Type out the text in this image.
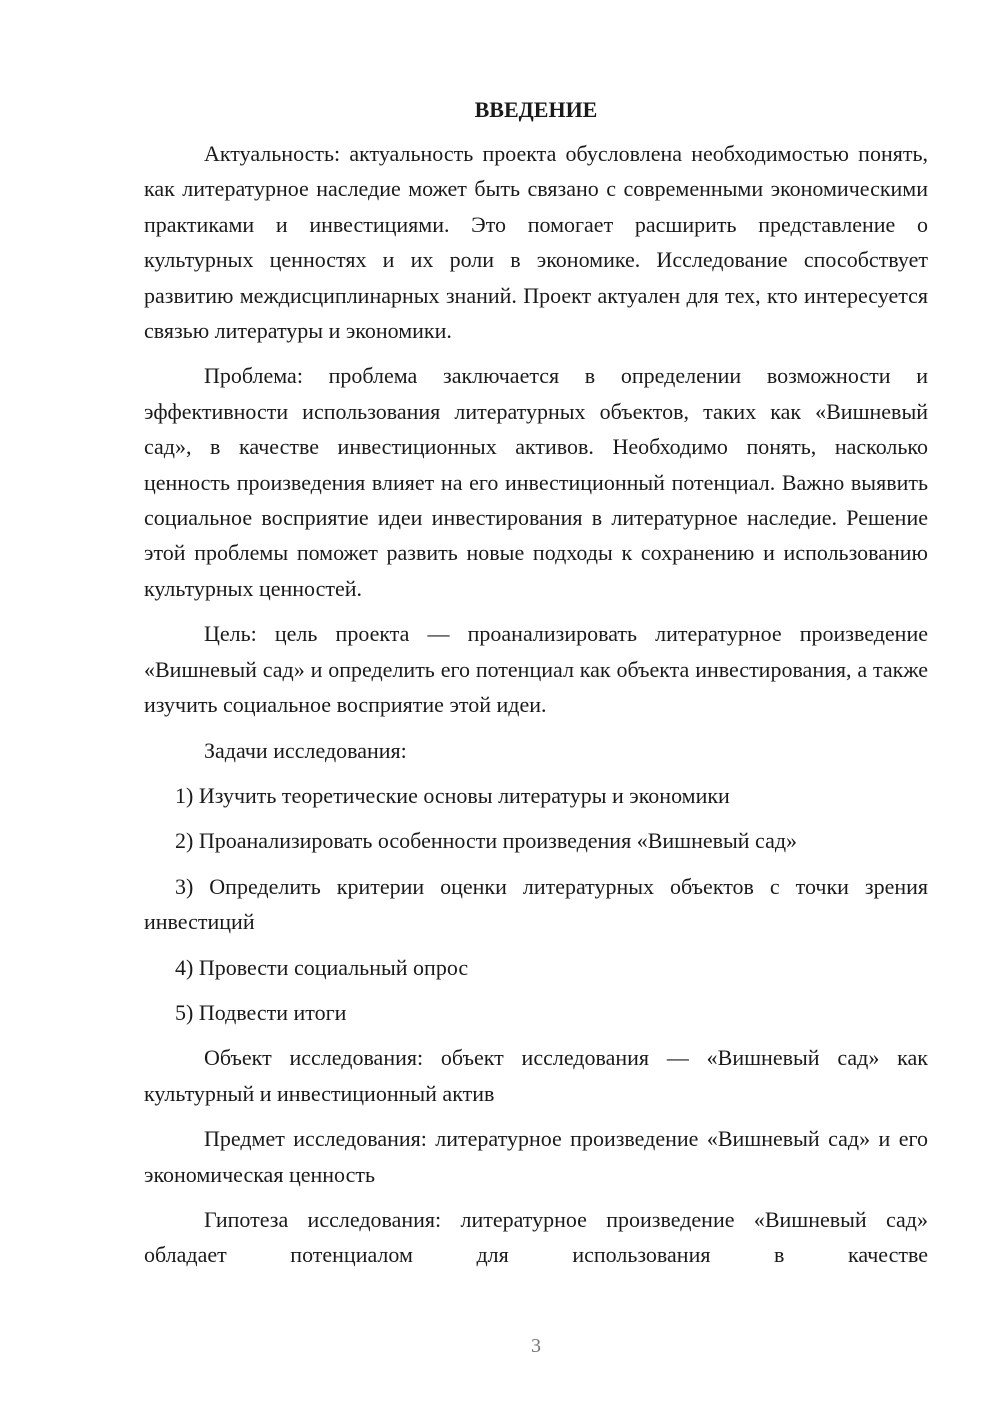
ВВЕДЕНИЕ

Актуальность: актуальность проекта обусловлена необходимостью понять, как литературное наследие может быть связано с современными экономическими практиками и инвестициями. Это помогает расширить представление о культурных ценностях и их роли в экономике. Исследование способствует развитию междисциплинарных знаний. Проект актуален для тех, кто интересуется связью литературы и экономики.

Проблема: проблема заключается в определении возможности и эффективности использования литературных объектов, таких как «Вишневый сад», в качестве инвестиционных активов. Необходимо понять, насколько ценность произведения влияет на его инвестиционный потенциал. Важно выявить социальное восприятие идеи инвестирования в литературное наследие. Решение этой проблемы поможет развить новые подходы к сохранению и использованию культурных ценностей.

Цель: цель проекта — проанализировать литературное произведение «Вишневый сад» и определить его потенциал как объекта инвестирования, а также изучить социальное восприятие этой идеи.

Задачи исследования:

1) Изучить теоретические основы литературы и экономики

2) Проанализировать особенности произведения «Вишневый сад»

3) Определить критерии оценки литературных объектов с точки зрения инвестиций

4) Провести социальный опрос

5) Подвести итоги

Объект исследования: объект исследования — «Вишневый сад» как культурный и инвестиционный актив

Предмет исследования: литературное произведение «Вишневый сад» и его экономическая ценность

Гипотеза исследования: литературное произведение «Вишневый сад» обладает потенциалом для использования в качестве

3
